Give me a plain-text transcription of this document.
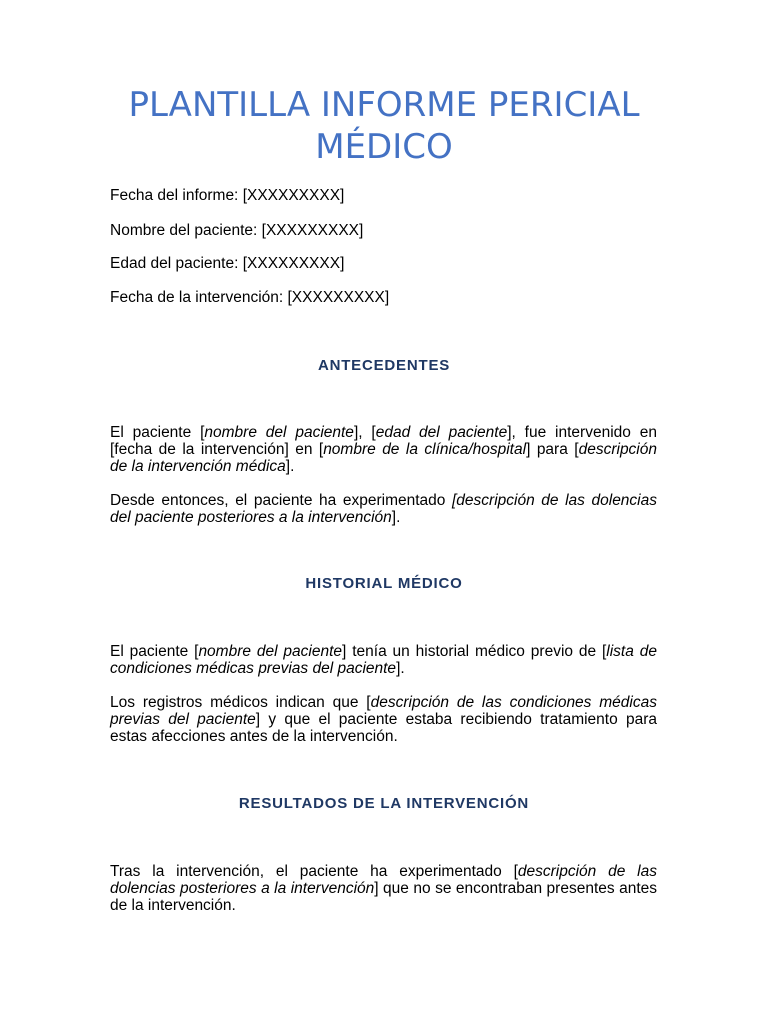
PLANTILLA INFORME PERICIAL
MÉDICO

Fecha del informe: [XXXXXXXXX]

Nombre del paciente: [XXXXXXXXX]

Edad del paciente: [XXXXXXXXX]

Fecha de la intervención: [XXXXXXXXX]

ANTECEDENTES

El paciente [nombre del paciente], [edad del paciente], fue intervenido en [fecha de la intervención] en [nombre de la clínica/hospital] para [descripción de la intervención médica].

Desde entonces, el paciente ha experimentado [descripción de las dolencias del paciente posteriores a la intervención].

HISTORIAL MÉDICO

El paciente [nombre del paciente] tenía un historial médico previo de [lista de condiciones médicas previas del paciente].

Los registros médicos indican que [descripción de las condiciones médicas previas del paciente] y que el paciente estaba recibiendo tratamiento para estas afecciones antes de la intervención.

RESULTADOS DE LA INTERVENCIÓN

Tras la intervención, el paciente ha experimentado [descripción de las dolencias posteriores a la intervención] que no se encontraban presentes antes de la intervención.
